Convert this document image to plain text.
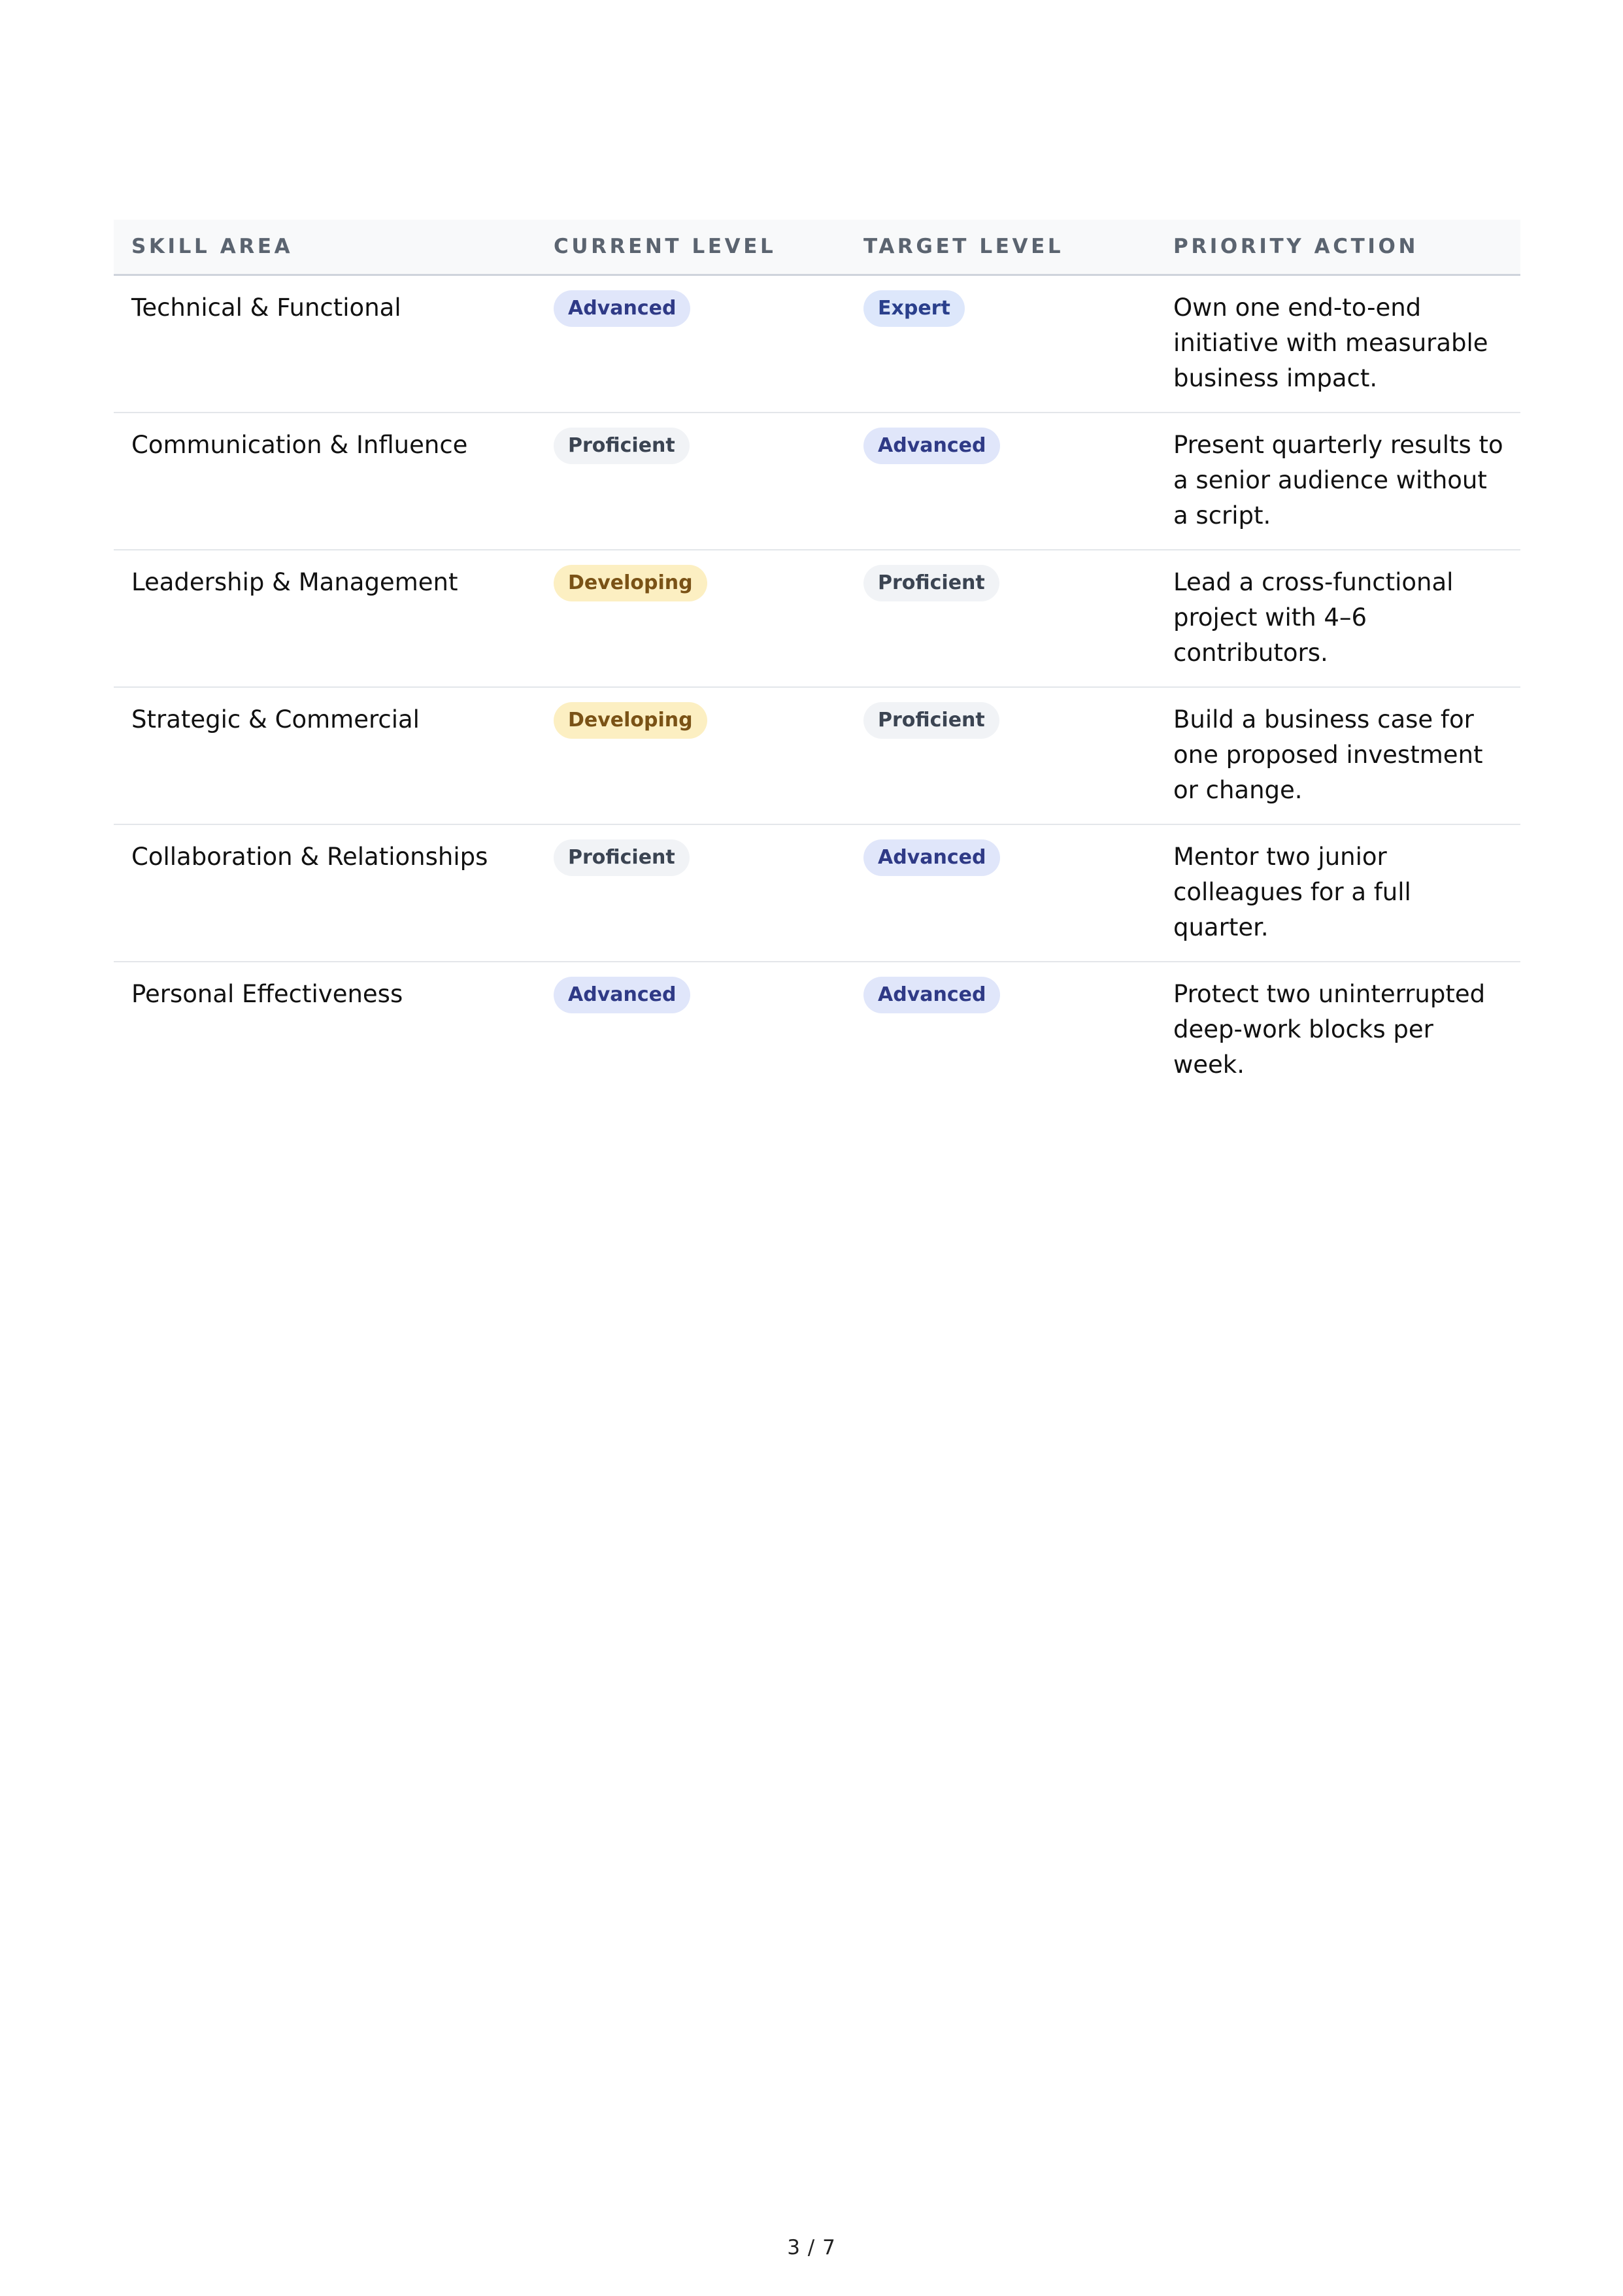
SKILL AREA	CURRENT LEVEL	TARGET LEVEL	PRIORITY ACTION
Technical & Functional	Advanced	Expert	Own one end-to-end initiative with measurable business impact.
Communication & Influence	Proficient	Advanced	Present quarterly results to a senior audience without a script.
Leadership & Management	Developing	Proficient	Lead a cross-functional project with 4–6 contributors.
Strategic & Commercial	Developing	Proficient	Build a business case for one proposed investment or change.
Collaboration & Relationships	Proficient	Advanced	Mentor two junior colleagues for a full quarter.
Personal Effectiveness	Advanced	Advanced	Protect two uninterrupted deep-work blocks per week.
3 / 7
